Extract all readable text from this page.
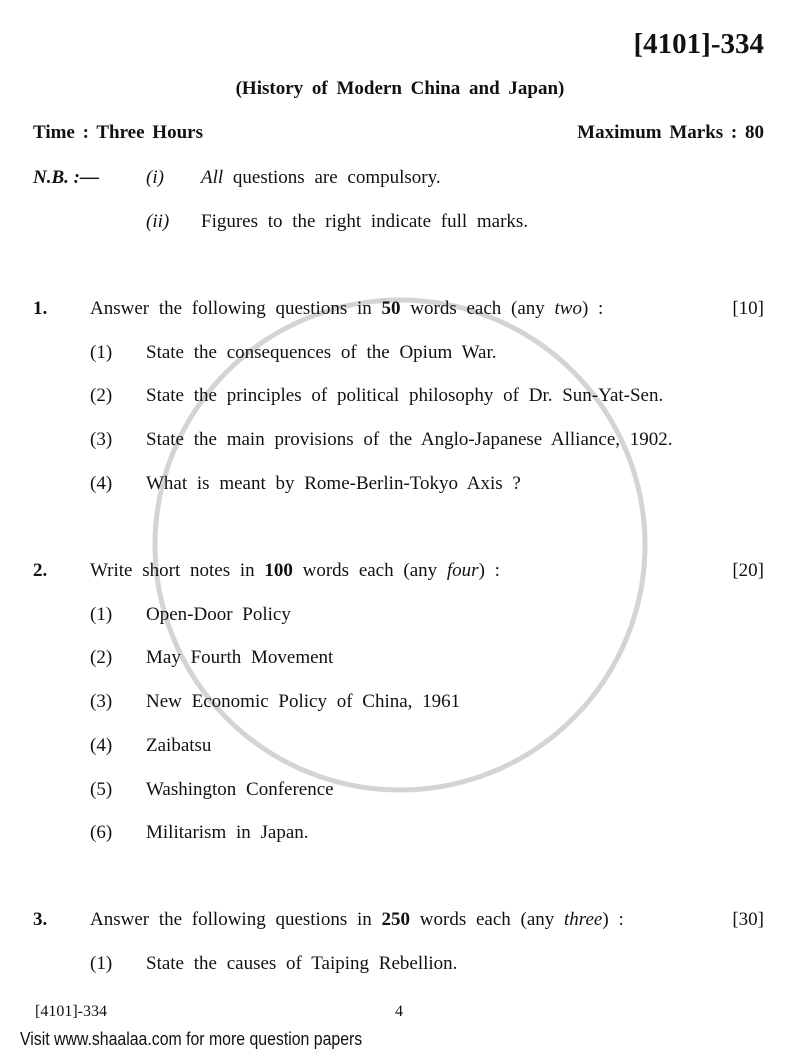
[4101]-334
(History of Modern China and Japan)
Time : Three Hours	Maximum Marks : 80
N.B. :— (i) All questions are compulsory.
(ii) Figures to the right indicate full marks.
1. Answer the following questions in 50 words each (any two) :	[10]
(1) State the consequences of the Opium War.
(2) State the principles of political philosophy of Dr. Sun-Yat-Sen.
(3) State the main provisions of the Anglo-Japanese Alliance, 1902.
(4) What is meant by Rome-Berlin-Tokyo Axis ?
2. Write short notes in 100 words each (any four) :	[20]
(1) Open-Door Policy
(2) May Fourth Movement
(3) New Economic Policy of China, 1961
(4) Zaibatsu
(5) Washington Conference
(6) Militarism in Japan.
3. Answer the following questions in 250 words each (any three) :	[30]
(1) State the causes of Taiping Rebellion.
[4101]-334	4
Visit www.shaalaa.com for more question papers
